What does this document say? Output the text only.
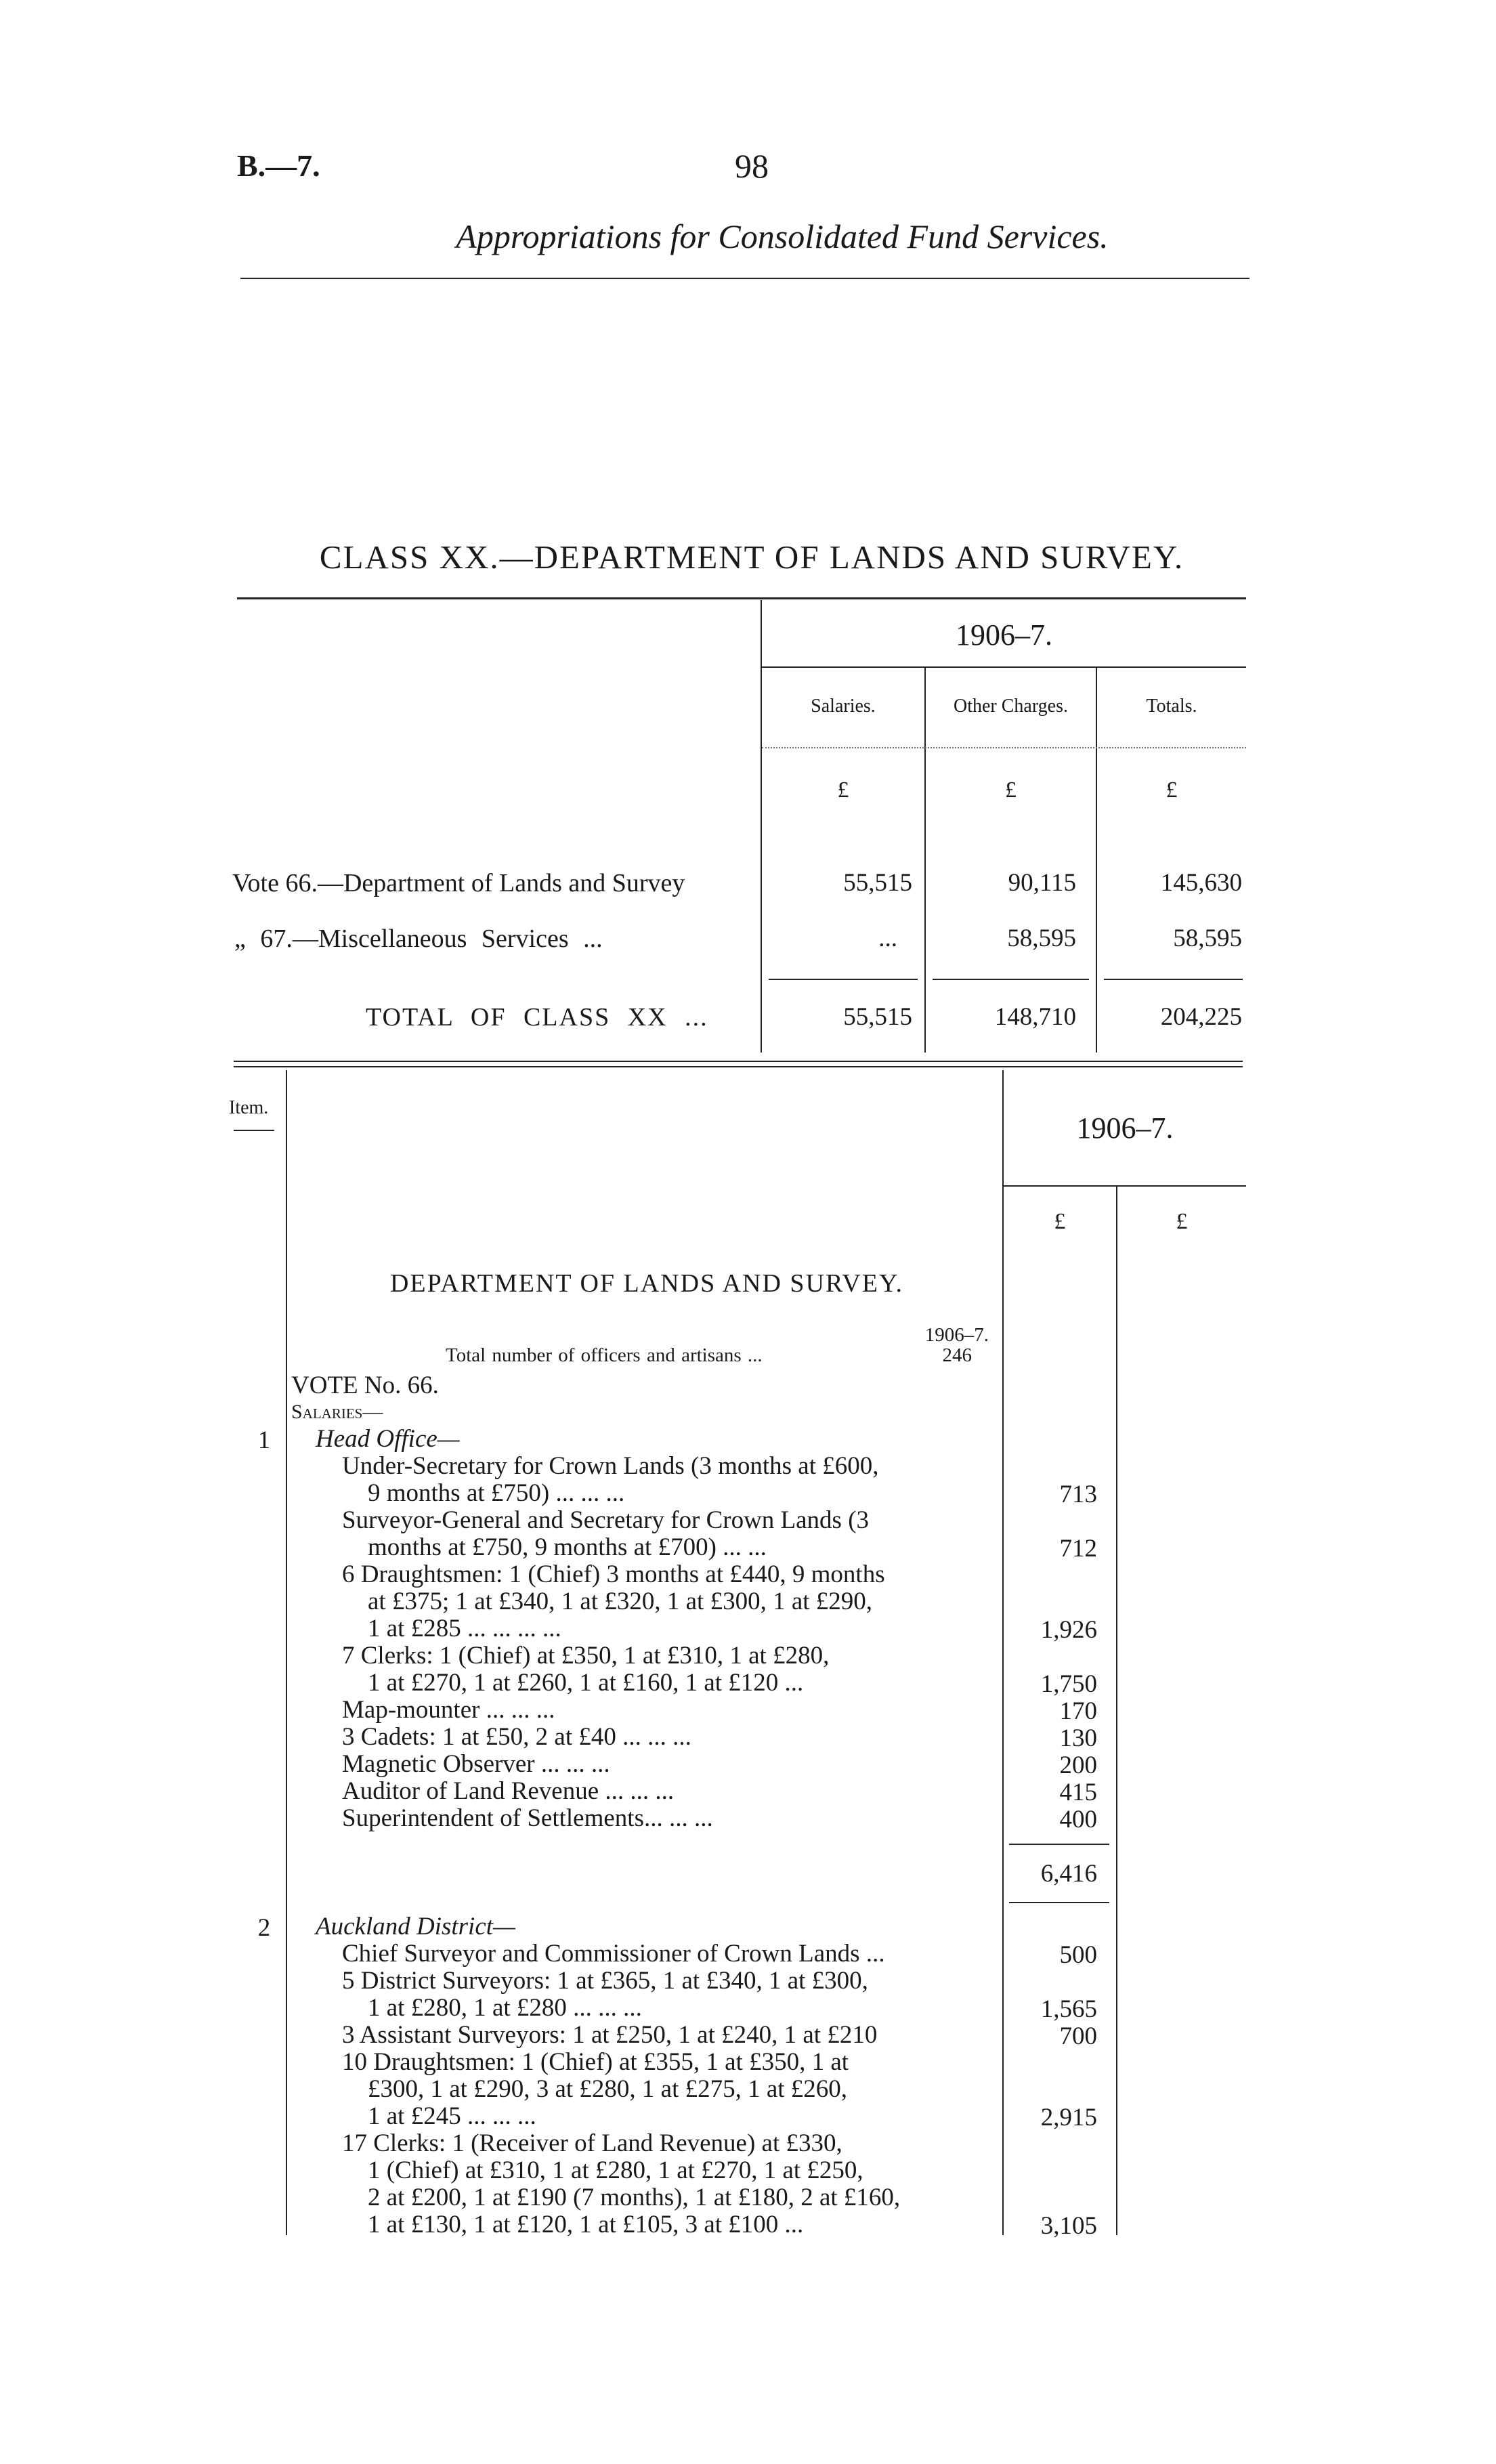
B.—7.	98
Appropriations for Consolidated Fund Services.
CLASS XX.—DEPARTMENT OF LANDS AND SURVEY.
1906–7.
Salaries.	Other Charges.	Totals.
£	£	£
Vote 66.—Department of Lands and Survey	55,515	90,115	145,630
„ 67.—Miscellaneous Services ...	...	58,595	58,595
TOTAL OF CLASS XX ...	55,515	148,710	204,225
Item.
1906–7.
£	£
DEPARTMENT OF LANDS AND SURVEY.
1906–7.
Total number of officers and artisans ...	246
VOTE No. 66.
Salaries—
1	Head Office—
Under-Secretary for Crown Lands (3 months at £600,
9 months at £750) ... ... ...	713
Surveyor-General and Secretary for Crown Lands (3
months at £750, 9 months at £700) ... ...	712
6 Draughtsmen: 1 (Chief) 3 months at £440, 9 months
at £375; 1 at £340, 1 at £320, 1 at £300, 1 at £290,
1 at £285 ... ... ... ...	1,926
7 Clerks: 1 (Chief) at £350, 1 at £310, 1 at £280,
1 at £270, 1 at £260, 1 at £160, 1 at £120 ...	1,750
Map-mounter ... ... ...	170
3 Cadets: 1 at £50, 2 at £40 ... ... ...	130
Magnetic Observer ... ... ...	200
Auditor of Land Revenue ... ... ...	415
Superintendent of Settlements... ... ...	400
6,416
2	Auckland District—
Chief Surveyor and Commissioner of Crown Lands ...	500
5 District Surveyors: 1 at £365, 1 at £340, 1 at £300,
1 at £280, 1 at £280 ... ... ...	1,565
3 Assistant Surveyors: 1 at £250, 1 at £240, 1 at £210	700
10 Draughtsmen: 1 (Chief) at £355, 1 at £350, 1 at
£300, 1 at £290, 3 at £280, 1 at £275, 1 at £260,
1 at £245 ... ... ...	2,915
17 Clerks: 1 (Receiver of Land Revenue) at £330,
1 (Chief) at £310, 1 at £280, 1 at £270, 1 at £250,
2 at £200, 1 at £190 (7 months), 1 at £180, 2 at £160,
1 at £130, 1 at £120, 1 at £105, 3 at £100 ...	3,105
